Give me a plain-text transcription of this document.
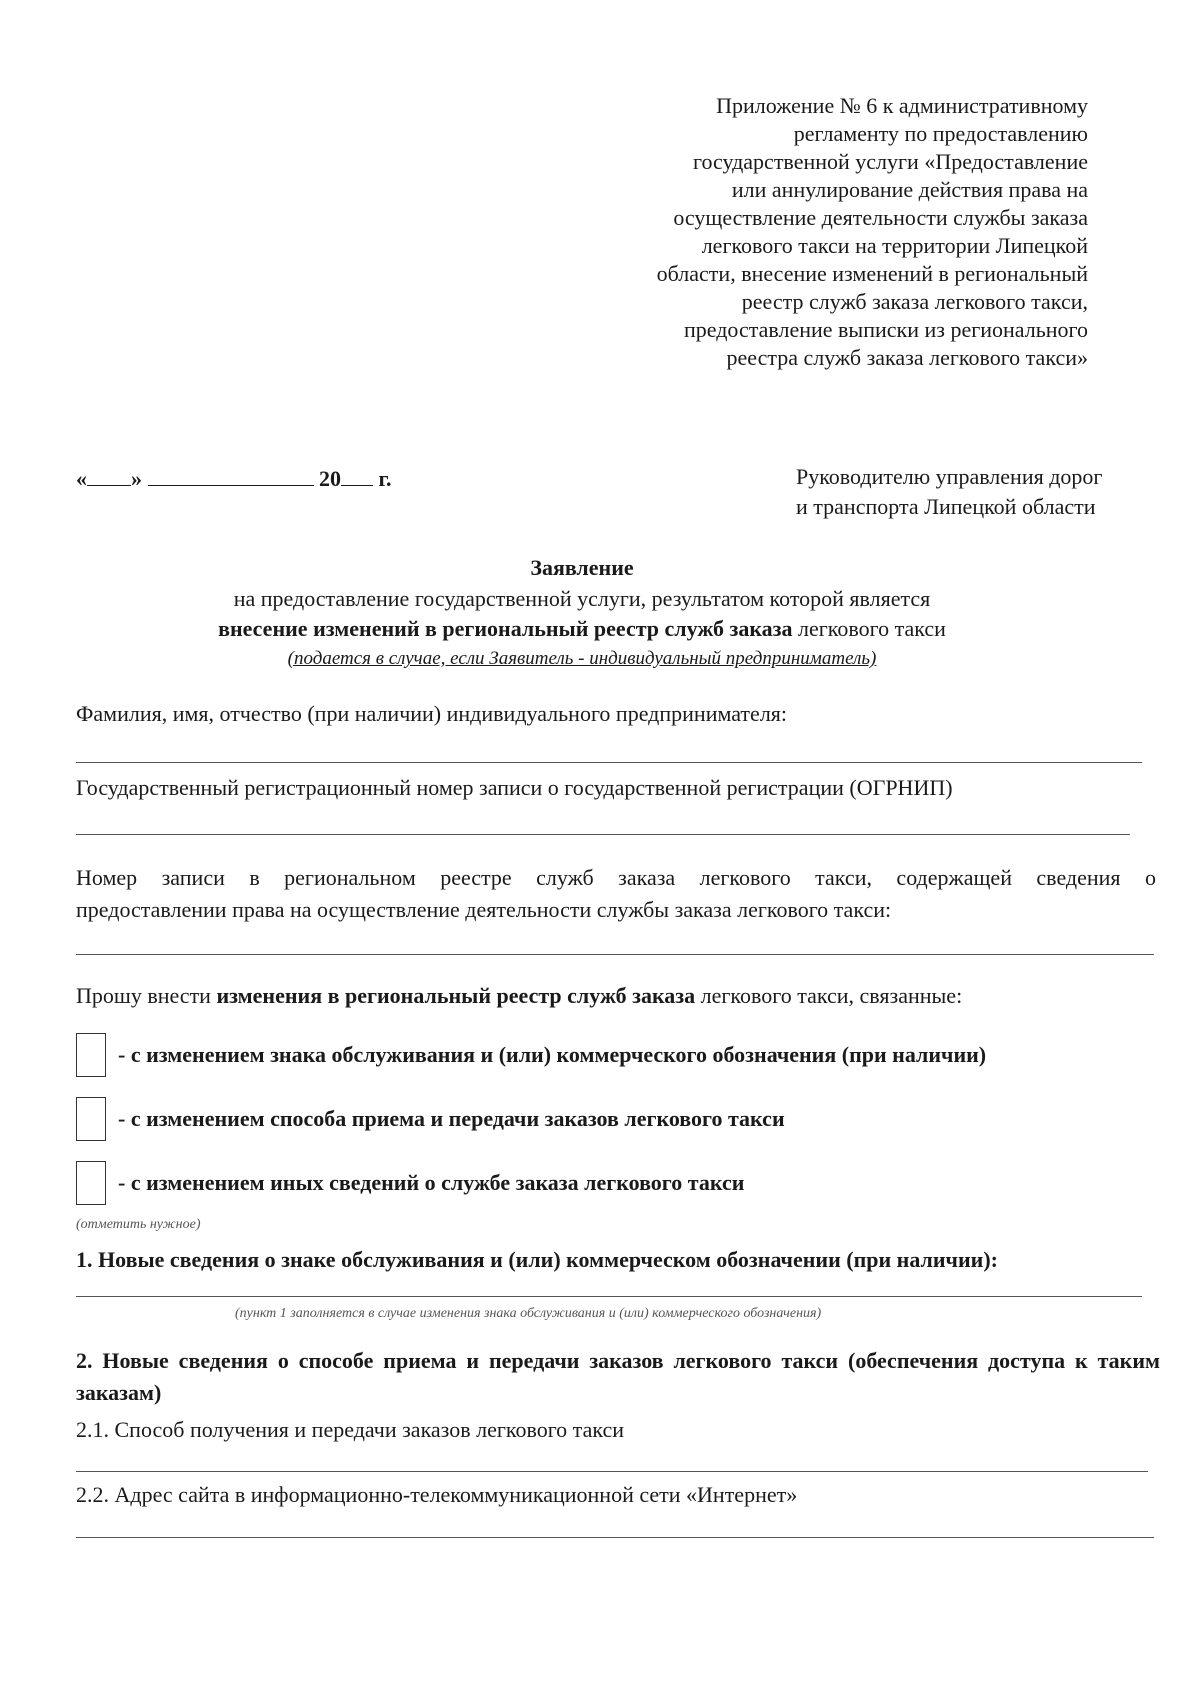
Приложение № 6 к административному
регламенту по предоставлению
государственной услуги «Предоставление
или аннулирование действия права на
осуществление деятельности службы заказа
легкового такси на территории Липецкой
области, внесение изменений в региональный
реестр служб заказа легкового такси,
предоставление выписки из регионального
реестра служб заказа легкового такси»
« »	20 г.	Руководителю управления дорог
и транспорта Липецкой области
Заявление
на предоставление государственной услуги, результатом которой является
внесение изменений в региональный реестр служб заказа легкового такси
(подается в случае, если Заявитель - индивидуальный предприниматель)
Фамилия, имя, отчество (при наличии) индивидуального предпринимателя:
Государственный регистрационный номер записи о государственной регистрации (ОГРНИП)
Номер записи в региональном реестре служб заказа легкового такси, содержащей сведения о
предоставлении права на осуществление деятельности службы заказа легкового такси:
Прошу внести изменения в региональный реестр служб заказа легкового такси, связанные:
- с изменением знака обслуживания и (или) коммерческого обозначения (при наличии)
- с изменением способа приема и передачи заказов легкового такси
- с изменением иных сведений о службе заказа легкового такси
(отметить нужное)
1. Новые сведения о знаке обслуживания и (или) коммерческом обозначении (при наличии):
(пункт 1 заполняется в случае изменения знака обслуживания и (или) коммерческого обозначения)
2. Новые сведения о способе приема и передачи заказов легкового такси (обеспечения доступа к таким заказам)
2.1. Способ получения и передачи заказов легкового такси
2.2. Адрес сайта в информационно-телекоммуникационной сети «Интернет»
